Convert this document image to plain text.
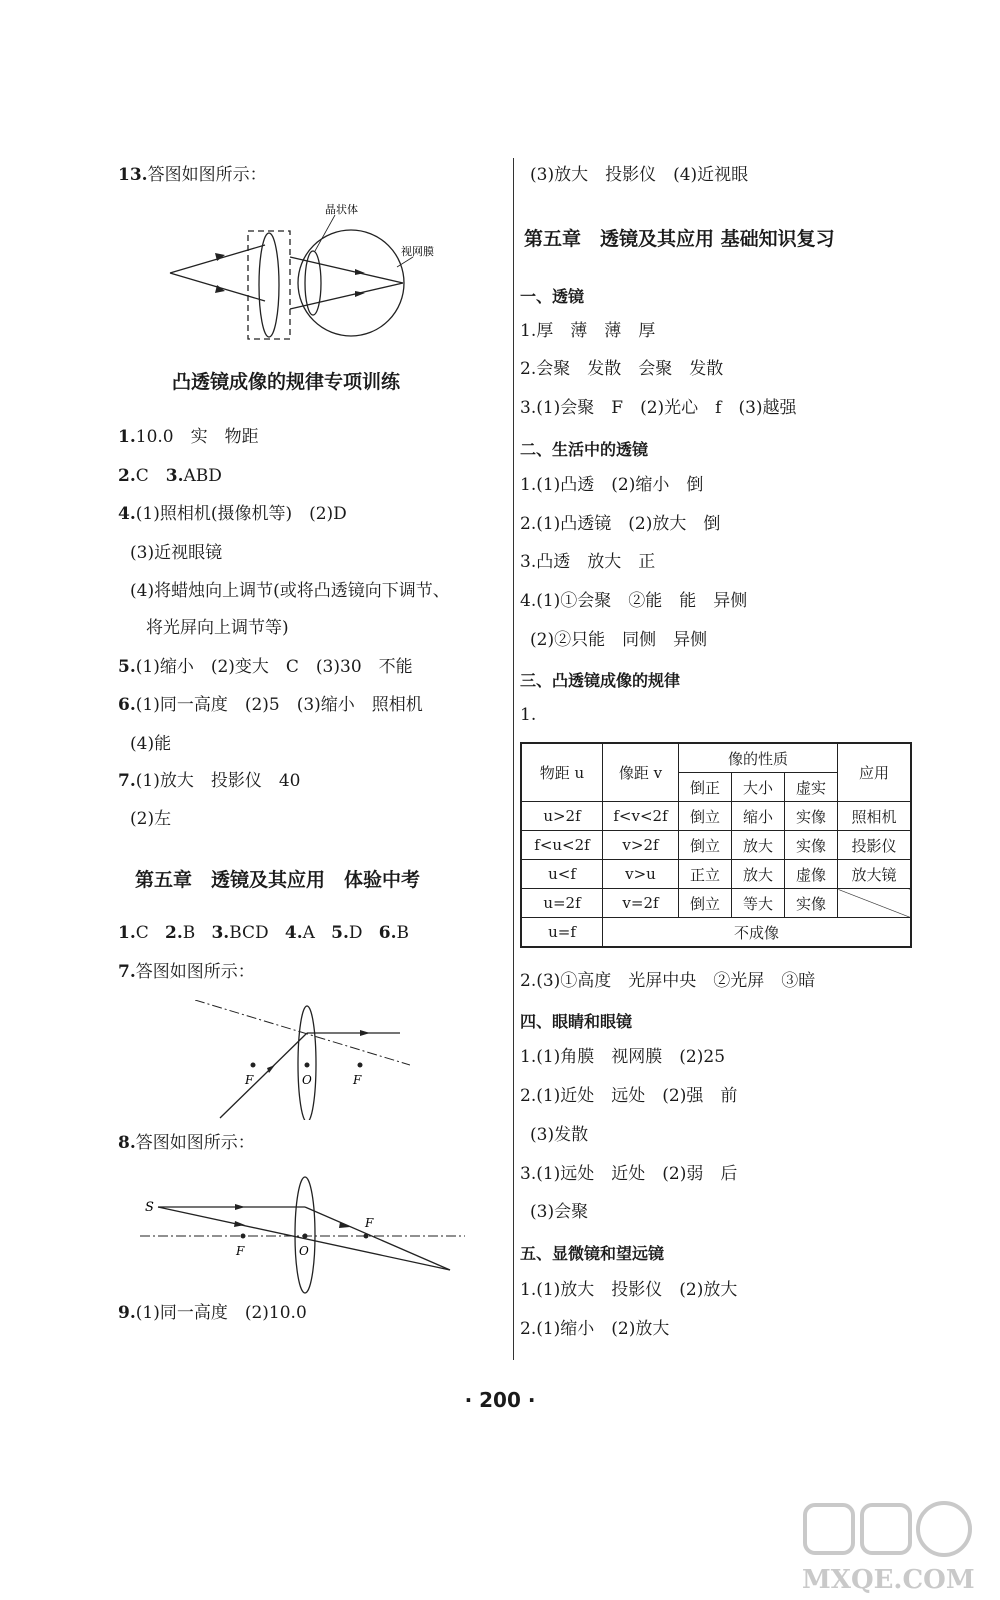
13.答图如图所示：
晶状体
视网膜
凸透镜成像的规律专项训练
1.10.0　实　物距
2.C　3.ABD
4.(1)照相机(摄像机等)　(2)D
(3)近视眼镜
(4)将蜡烛向上调节(或将凸透镜向下调节、
将光屏向上调节等)
5.(1)缩小　(2)变大　C　(3)30　不能
6.(1)同一高度　(2)5　(3)缩小　照相机
(4)能
7.(1)放大　投影仪　40
(2)左
第五章　透镜及其应用　体验中考
1.C 2.B 3.BCD 4.A 5.D 6.B
7.答图如图所示：
F	O	F
8.答图如图所示：
S
F	O
F
9.(1)同一高度　(2)10.0
(3)放大　投影仪　(4)近视眼
第五章　透镜及其应用 基础知识复习
一、透镜
1.厚　薄　薄　厚
2.会聚　发散　会聚　发散
3.(1)会聚　F　(2)光心　f　(3)越强
二、生活中的透镜
1.(1)凸透　(2)缩小　倒
2.(1)凸透镜　(2)放大　倒
3.凸透　放大　正
4.(1)①会聚　②能　能　异侧
(2)②只能　同侧　异侧
三、凸透镜成像的规律
1.
物距 u	像距 v	像的性质			应用
		倒正	大小	虚实	
u>2f	f<v<2f	倒立	缩小	实像	照相机
f<u<2f	v>2f	倒立	放大	实像	投影仪
u<f	v>u	正立	放大	虚像	放大镜
u=2f	v=2f	倒立	等大	实像	
u=f	不成像				
2.(3)①高度　光屏中央　②光屏　③暗
四、眼睛和眼镜
1.(1)角膜　视网膜　(2)25
2.(1)近处　远处　(2)强　前
(3)发散
3.(1)远处　近处　(2)弱　后
(3)会聚
五、显微镜和望远镜
1.(1)放大　投影仪　(2)放大
2.(1)缩小　(2)放大
· 200 ·
MXQE.COM
